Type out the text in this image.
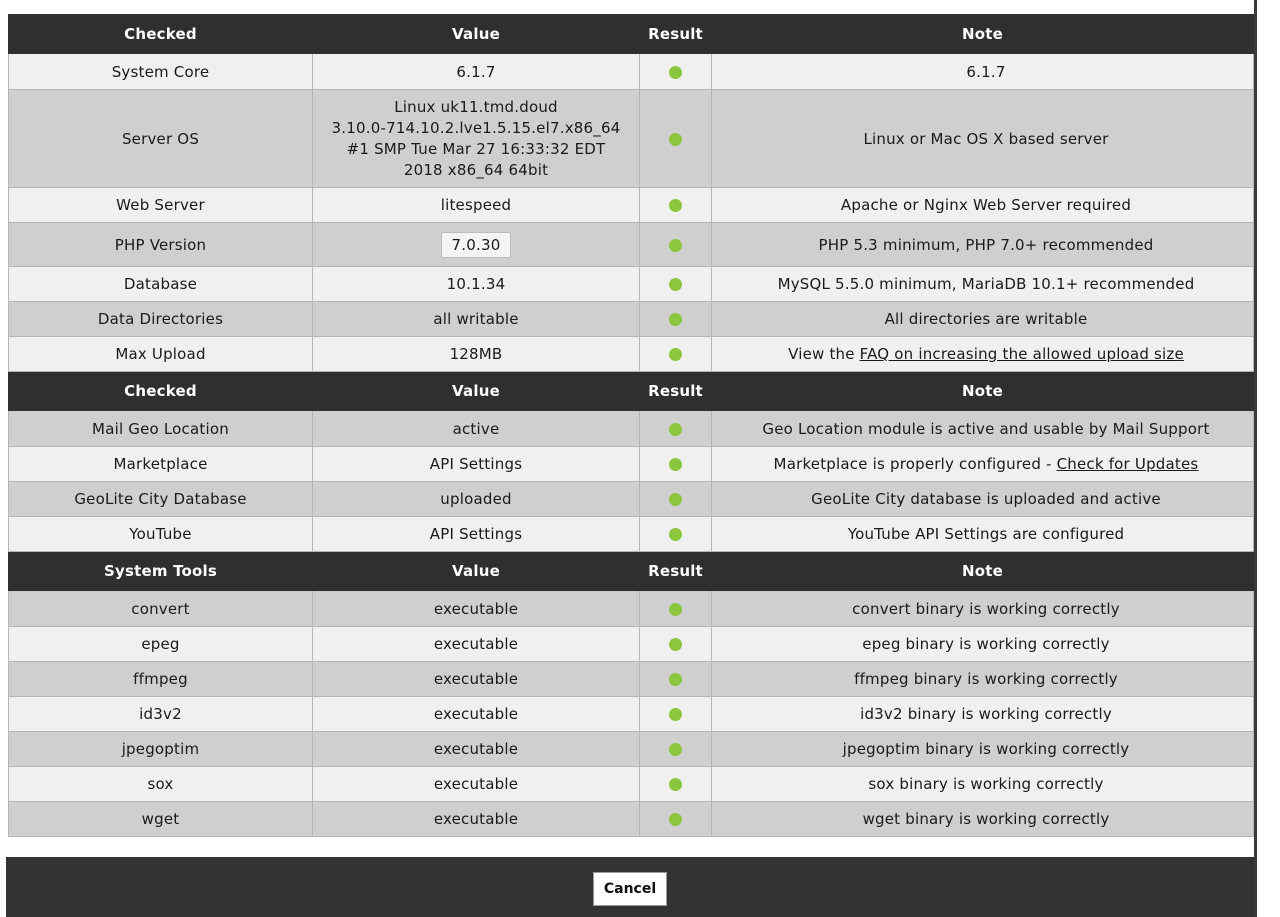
Checked	Value	Result	Note
System Core	6.1.7		6.1.7
Server OS	Linux uk11.tmd.doud
3.10.0-714.10.2.lve1.5.15.el7.x86_64
#1 SMP Tue Mar 27 16:33:32 EDT
2018 x86_64 64bit		Linux or Mac OS X based server
Web Server	litespeed		Apache or Nginx Web Server required
PHP Version	7.0.30		PHP 5.3 minimum, PHP 7.0+ recommended
Database	10.1.34		MySQL 5.5.0 minimum, MariaDB 10.1+ recommended
Data Directories	all writable		All directories are writable
Max Upload	128MB		View the FAQ on increasing the allowed upload size
Checked	Value	Result	Note
Mail Geo Location	active		Geo Location module is active and usable by Mail Support
Marketplace	API Settings		Marketplace is properly configured - Check for Updates
GeoLite City Database	uploaded		GeoLite City database is uploaded and active
YouTube	API Settings		YouTube API Settings are configured
System Tools	Value	Result	Note
convert	executable		convert binary is working correctly
epeg	executable		epeg binary is working correctly
ffmpeg	executable		ffmpeg binary is working correctly
id3v2	executable		id3v2 binary is working correctly
jpegoptim	executable		jpegoptim binary is working correctly
sox	executable		sox binary is working correctly
wget	executable		wget binary is working correctly
Cancel
